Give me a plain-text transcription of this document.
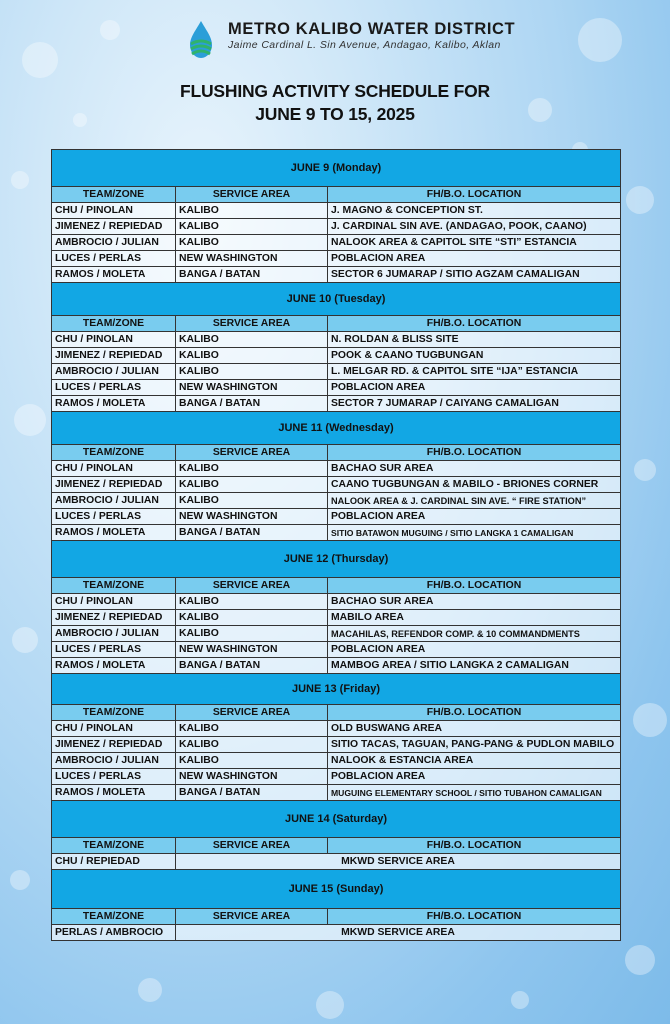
METRO KALIBO WATER DISTRICT
Jaime Cardinal L. Sin Avenue, Andagao, Kalibo, Aklan
FLUSHING ACTIVITY SCHEDULE FOR
JUNE 9 TO 15, 2025
JUNE 9 (Monday)		
TEAM/ZONE	SERVICE AREA	FH/B.O. LOCATION
CHU / PINOLAN	KALIBO	J. MAGNO & CONCEPTION ST.
JIMENEZ / REPIEDAD	KALIBO	J. CARDINAL SIN AVE. (ANDAGAO, POOK, CAANO)
AMBROCIO / JULIAN	KALIBO	NALOOK AREA & CAPITOL SITE “STI” ESTANCIA
LUCES / PERLAS	NEW WASHINGTON	POBLACION AREA
RAMOS / MOLETA	BANGA / BATAN	SECTOR 6 JUMARAP / SITIO AGZAM CAMALIGAN
JUNE 10 (Tuesday)		
TEAM/ZONE	SERVICE AREA	FH/B.O. LOCATION
CHU / PINOLAN	KALIBO	N. ROLDAN & BLISS SITE
JIMENEZ / REPIEDAD	KALIBO	POOK & CAANO TUGBUNGAN
AMBROCIO / JULIAN	KALIBO	L. MELGAR RD. & CAPITOL SITE “IJA” ESTANCIA
LUCES / PERLAS	NEW WASHINGTON	POBLACION AREA
RAMOS / MOLETA	BANGA / BATAN	SECTOR 7 JUMARAP / CAIYANG CAMALIGAN
JUNE 11 (Wednesday)		
TEAM/ZONE	SERVICE AREA	FH/B.O. LOCATION
CHU / PINOLAN	KALIBO	BACHAO SUR AREA
JIMENEZ / REPIEDAD	KALIBO	CAANO TUGBUNGAN & MABILO - BRIONES CORNER
AMBROCIO / JULIAN	KALIBO	NALOOK AREA & J. CARDINAL SIN AVE. “ FIRE STATION”
LUCES / PERLAS	NEW WASHINGTON	POBLACION AREA
RAMOS / MOLETA	BANGA / BATAN	SITIO BATAWON MUGUING / SITIO LANGKA 1 CAMALIGAN
JUNE 12 (Thursday)		
TEAM/ZONE	SERVICE AREA	FH/B.O. LOCATION
CHU / PINOLAN	KALIBO	BACHAO SUR AREA
JIMENEZ / REPIEDAD	KALIBO	MABILO AREA
AMBROCIO / JULIAN	KALIBO	MACAHILAS, REFENDOR COMP. & 10 COMMANDMENTS
LUCES / PERLAS	NEW WASHINGTON	POBLACION AREA
RAMOS / MOLETA	BANGA / BATAN	MAMBOG AREA / SITIO LANGKA 2 CAMALIGAN
JUNE 13 (Friday)		
TEAM/ZONE	SERVICE AREA	FH/B.O. LOCATION
CHU / PINOLAN	KALIBO	OLD BUSWANG AREA
JIMENEZ / REPIEDAD	KALIBO	SITIO TACAS, TAGUAN, PANG-PANG & PUDLON MABILO
AMBROCIO / JULIAN	KALIBO	NALOOK & ESTANCIA AREA
LUCES / PERLAS	NEW WASHINGTON	POBLACION AREA
RAMOS / MOLETA	BANGA / BATAN	MUGUING ELEMENTARY SCHOOL / SITIO TUBAHON CAMALIGAN
JUNE 14 (Saturday)		
TEAM/ZONE	SERVICE AREA	FH/B.O. LOCATION
CHU / REPIEDAD	MKWD SERVICE AREA	
JUNE 15 (Sunday)		
TEAM/ZONE	SERVICE AREA	FH/B.O. LOCATION
PERLAS / AMBROCIO	MKWD SERVICE AREA	
